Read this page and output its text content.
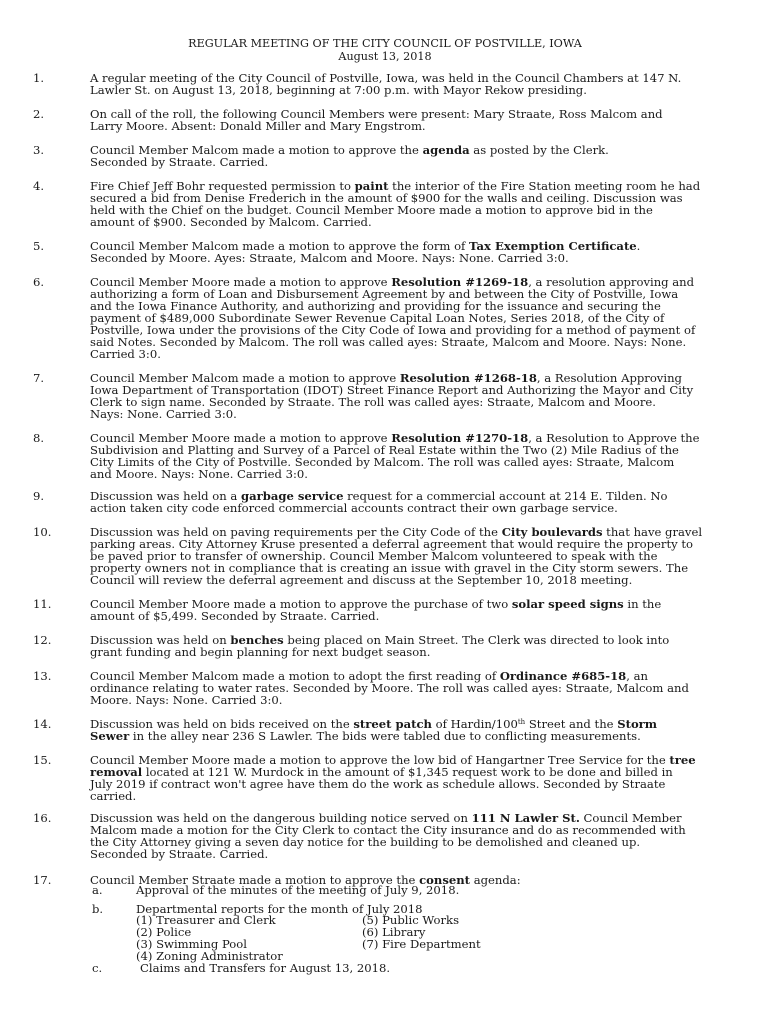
REGULAR MEETING OF THE CITY COUNCIL OF POSTVILLE, IOWA
August 13, 2018
1.	A regular meeting of the City Council of Postville, Iowa, was held in the Council Chambers at 147 N.
Lawler St. on August 13, 2018, beginning at 7:00 p.m. with Mayor Rekow presiding.
2.	On call of the roll, the following Council Members were present: Mary Straate, Ross Malcom and
Larry Moore. Absent: Donald Miller and Mary Engstrom.
3.	Council Member Malcom made a motion to approve the agenda as posted by the Clerk.
Seconded by Straate. Carried.
4.	Fire Chief Jeff Bohr requested permission to paint the interior of the Fire Station meeting room he had
secured a bid from Denise Frederich in the amount of $900 for the walls and ceiling. Discussion was
held with the Chief on the budget. Council Member Moore made a motion to approve bid in the
amount of $900. Seconded by Malcom. Carried.
5.	Council Member Malcom made a motion to approve the form of Tax Exemption Certificate.
Seconded by Moore. Ayes: Straate, Malcom and Moore. Nays: None. Carried 3:0.
6.	Council Member Moore made a motion to approve Resolution #1269-18, a resolution approving and
authorizing a form of Loan and Disbursement Agreement by and between the City of Postville, Iowa
and the Iowa Finance Authority, and authorizing and providing for the issuance and securing the
payment of $489,000 Subordinate Sewer Revenue Capital Loan Notes, Series 2018, of the City of
Postville, Iowa under the provisions of the City Code of Iowa and providing for a method of payment of
said Notes. Seconded by Malcom. The roll was called ayes: Straate, Malcom and Moore. Nays: None.
Carried 3:0.
7.	Council Member Malcom made a motion to approve Resolution #1268-18, a Resolution Approving
Iowa Department of Transportation (IDOT) Street Finance Report and Authorizing the Mayor and City
Clerk to sign name. Seconded by Straate. The roll was called ayes: Straate, Malcom and Moore.
Nays: None. Carried 3:0.
8.	Council Member Moore made a motion to approve Resolution #1270-18, a Resolution to Approve the
Subdivision and Platting and Survey of a Parcel of Real Estate within the Two (2) Mile Radius of the
City Limits of the City of Postville. Seconded by Malcom. The roll was called ayes: Straate, Malcom
and Moore. Nays: None. Carried 3:0.
9.	Discussion was held on a garbage service request for a commercial account at 214 E. Tilden. No
action taken city code enforced commercial accounts contract their own garbage service.
10.	Discussion was held on paving requirements per the City Code of the City boulevards that have gravel
parking areas. City Attorney Kruse presented a deferral agreement that would require the property to
be paved prior to transfer of ownership. Council Member Malcom volunteered to speak with the
property owners not in compliance that is creating an issue with gravel in the City storm sewers. The
Council will review the deferral agreement and discuss at the September 10, 2018 meeting.
11.	Council Member Moore made a motion to approve the purchase of two solar speed signs in the
amount of $5,499. Seconded by Straate. Carried.
12.	Discussion was held on benches being placed on Main Street. The Clerk was directed to look into
grant funding and begin planning for next budget season.
13.	Council Member Malcom made a motion to adopt the first reading of Ordinance #685-18, an
ordinance relating to water rates. Seconded by Moore. The roll was called ayes: Straate, Malcom and
Moore. Nays: None. Carried 3:0.
14.	Discussion was held on bids received on the street patch of Hardin/100th Street and the Storm
Sewer in the alley near 236 S Lawler. The bids were tabled due to conflicting measurements.
15.	Council Member Moore made a motion to approve the low bid of Hangartner Tree Service for the tree
removal located at 121 W. Murdock in the amount of $1,345 request work to be done and billed in
July 2019 if contract won't agree have them do the work as schedule allows. Seconded by Straate
carried.
16.	Discussion was held on the dangerous building notice served on 111 N Lawler St. Council Member
Malcom made a motion for the City Clerk to contact the City insurance and do as recommended with
the City Attorney giving a seven day notice for the building to be demolished and cleaned up.
Seconded by Straate. Carried.
17.	Council Member Straate made a motion to approve the consent agenda:
a.	Approval of the minutes of the meeting of July 9, 2018.
b.	Departmental reports for the month of July 2018
(1) Treasurer and Clerk
(2) Police
(3) Swimming Pool
(4) Zoning Administrator
(5) Public Works
(6) Library
(7) Fire Department
c.	Claims and Transfers for August 13, 2018.
